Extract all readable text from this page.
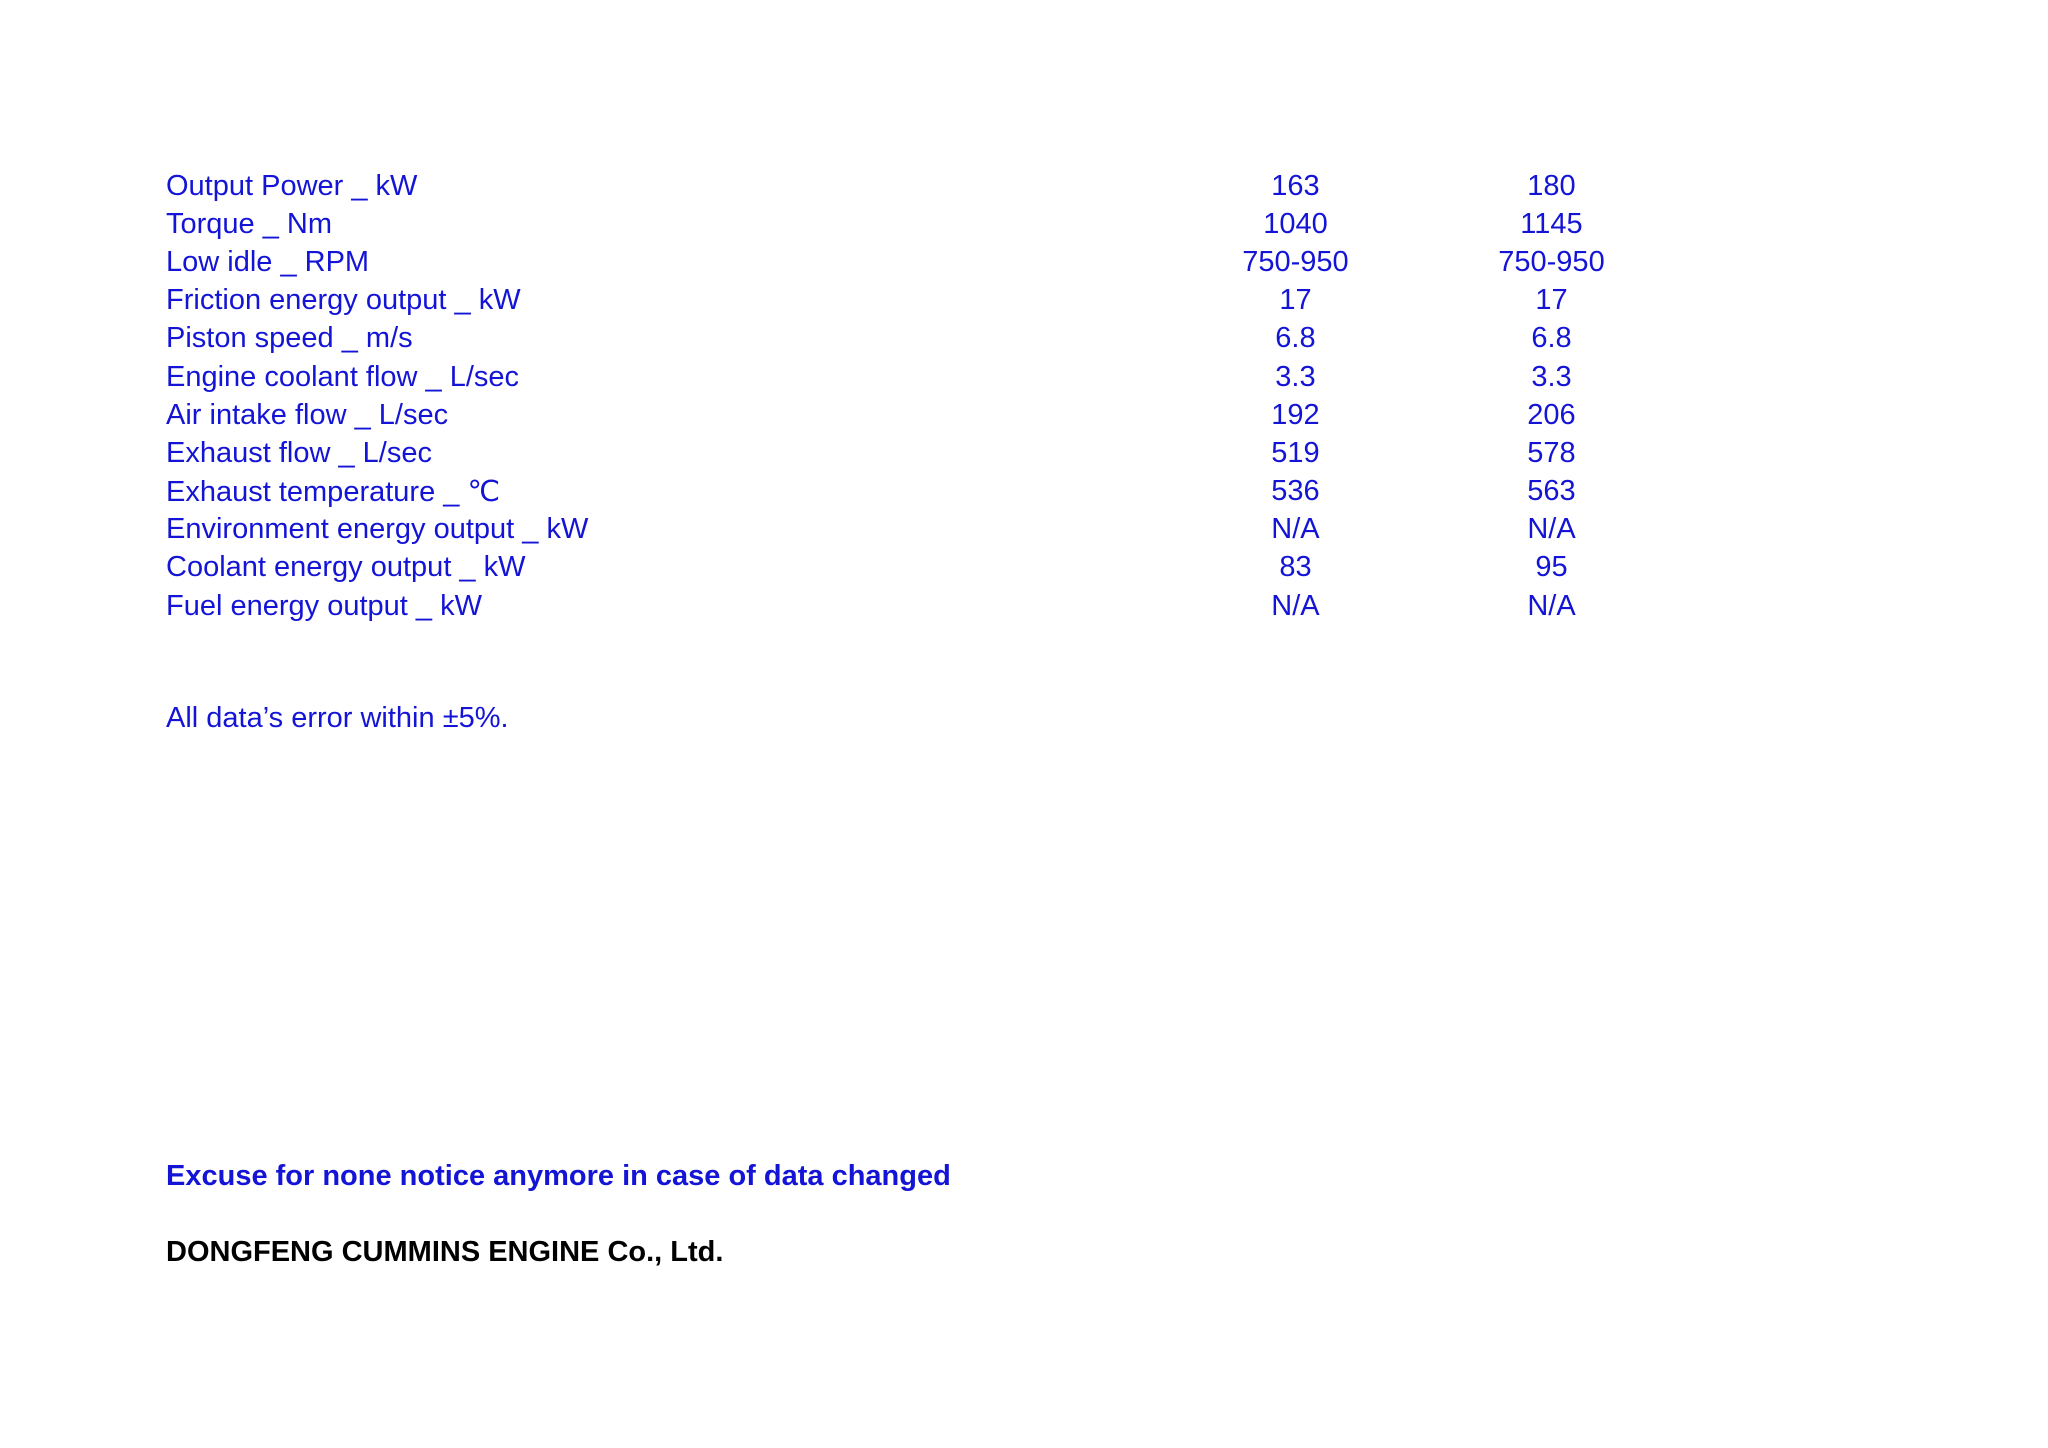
Output Power _ kW	163	180	
Torque _ Nm	1040	1145	
Low idle _ RPM	750-950	750-950	
Friction energy output _ kW	17	17	
Piston speed _ m/s	6.8	6.8	
Engine coolant flow _ L/sec	3.3	3.3	
Air intake flow _ L/sec	192	206	
Exhaust flow _ L/sec	519	578	
Exhaust temperature _ ℃	536	563	
Environment energy output _ kW	N/A	N/A	
Coolant energy output _ kW	83	95	
Fuel energy output _ kW	N/A	N/A	
All data’s error within ±5%.
Excuse for none notice anymore in case of data changed
DONGFENG CUMMINS ENGINE Co., Ltd.
